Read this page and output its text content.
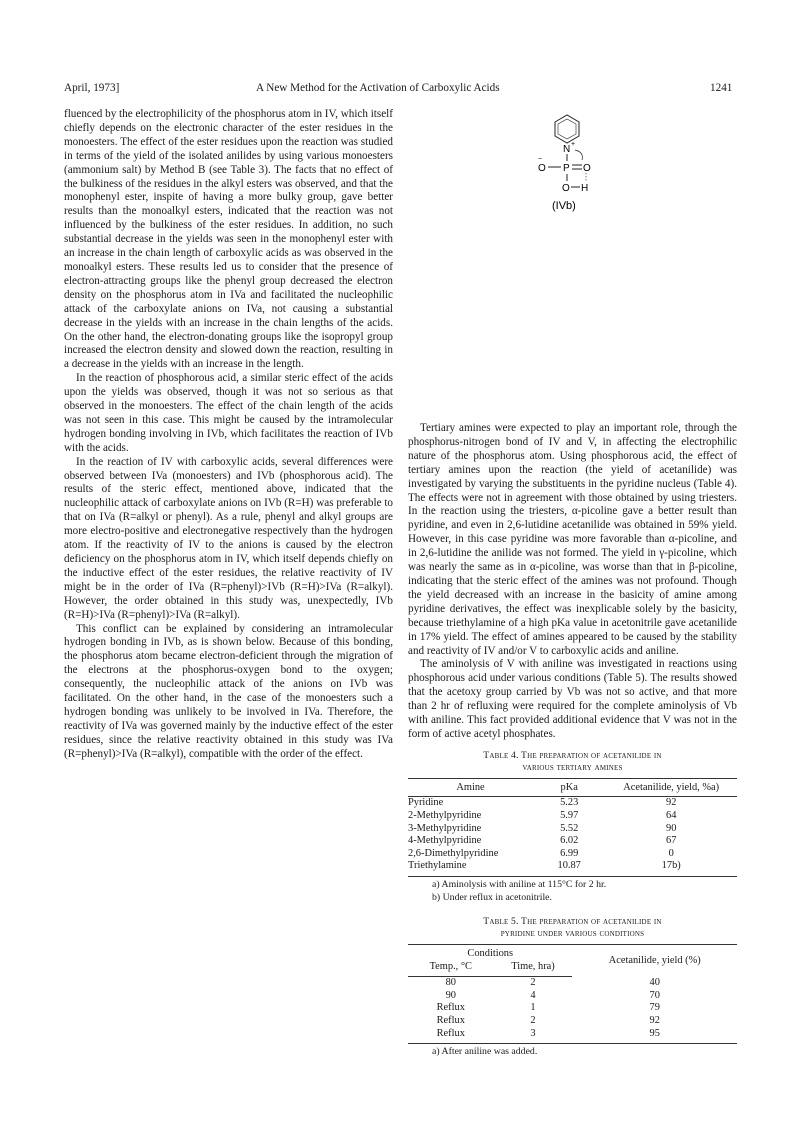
April, 1973]	A New Method for the Activation of Carboxylic Acids	1241

fluenced by the electrophilicity of the phosphorus atom in IV, which itself chiefly depends on the electronic character of the ester residues in the monoesters. The effect of the ester residues upon the reaction was studied in terms of the yield of the isolated anilides by using various monoesters (ammonium salt) by Method B (see Table 3). The facts that no effect of the bulkiness of the residues in the alkyl esters was observed, and that the monophenyl ester, inspite of having a more bulky group, gave better results than the monoalkyl esters, indicated that the reaction was not influenced by the bulkiness of the ester residues. In addition, no such substantial decrease in the yields was seen in the monophenyl ester with an increase in the chain length of carboxylic acids as was observed in the monoalkyl esters. These results led us to consider that the presence of electron-attracting groups like the phenyl group decreased the electron density on the phosphorus atom in IVa and facilitated the nucleophilic attack of the carboxylate anions on IVa, not causing a substantial decrease in the yields with an increase in the chain lengths of the acids. On the other hand, the electron-donating groups like the isopropyl group increased the electron density and slowed down the reaction, resulting in a decrease in the yields with an increase in the length.

In the reaction of phosphorous acid, a similar steric effect of the acids upon the yields was observed, though it was not so serious as that observed in the monoesters. The effect of the chain length of the acids was not seen in this case. This might be caused by the intramolecular hydrogen bonding involving in IVb, which facilitates the reaction of IVb with the acids.

In the reaction of IV with carboxylic acids, several differences were observed between IVa (monoesters) and IVb (phosphorous acid). The results of the steric effect, mentioned above, indicated that the nucleophilic attack of carboxylate anions on IVb (R=H) was preferable to that on IVa (R=alkyl or phenyl). As a rule, phenyl and alkyl groups are more electro-positive and electronegative respectively than the hydrogen atom. If the reactivity of IV to the anions is caused by the electron deficiency on the phosphorus atom in IV, which itself depends chiefly on the inductive effect of the ester residues, the relative reactivity of IV might be in the order of IVa (R=phenyl)>IVb (R=H)>IVa (R=alkyl). However, the order obtained in this study was, unexpectedly, IVb (R=H)>IVa (R=phenyl)>IVa (R=alkyl).

This conflict can be explained by considering an intramolecular hydrogen bonding in IVb, as is shown below. Because of this bonding, the phosphorus atom became electron-deficient through the migration of the electrons at the phosphorus-oxygen bond to the oxygen; consequently, the nucleophilic attack of the anions on IVb was facilitated. On the other hand, in the case of the monoesters such a hydrogen bonding was unlikely to be involved in IVa. Therefore, the reactivity of IVa was governed mainly by the inductive effect of the ester residues, since the relative reactivity obtained in this study was IVa (R=phenyl)>IVa (R=alkyl), compatible with the order of the effect.

N +
O
−
P O
O H
(IVb)

Tertiary amines were expected to play an important role, through the phosphorus-nitrogen bond of IV and V, in affecting the electrophilic nature of the phosphorus atom. Using phosphorous acid, the effect of tertiary amines upon the reaction (the yield of acetanilide) was investigated by varying the substituents in the pyridine nucleus (Table 4). The effects were not in agreement with those obtained by using triesters. In the reaction using the triesters, α-picoline gave a better result than pyridine, and even in 2,6-lutidine acetanilide was obtained in 59% yield. However, in this case pyridine was more favorable than α-picoline, and in 2,6-lutidine the anilide was not formed. The yield in γ-picoline, which was nearly the same as in α-picoline, was worse than that in β-picoline, indicating that the steric effect of the amines was not profound. Though the yield decreased with an increase in the basicity of amine among pyridine derivatives, the effect was inexplicable solely by the basicity, because triethylamine of a high pKa value in acetonitrile gave acetanilide in 17% yield. The effect of amines appeared to be caused by the stability and reactivity of IV and/or V to carboxylic acids and aniline.

The aminolysis of V with aniline was investigated in reactions using phosphorous acid under various conditions (Table 5). The results showed that the acetoxy group carried by Vb was not so active, and that more than 2 hr of refluxing were required for the complete aminolysis of Vb with aniline. This fact provided additional evidence that V was not in the form of active acetyl phosphates.

Table 4. The preparation of acetanilide in

various tertiary amines

Amine	pKa	Acetanilide, yield, %a)
Pyridine	5.23	92
2-Methylpyridine	5.97	64
3-Methylpyridine	5.52	90
4-Methylpyridine	6.02	67
2,6-Dimethylpyridine	6.99	0
Triethylamine	10.87	17b)
a) Aminolysis with aniline at 115°C for 2 hr.
b) Under reflux in acetonitrile.

Table 5. The preparation of acetanilide in

pyridine under various conditions

Conditions		Acetanilide, yield (%)
Temp., °C	Time, hra)	
80	2	40
90	4	70
Reflux	1	79
Reflux	2	92
Reflux	3	95
a) After aniline was added.
